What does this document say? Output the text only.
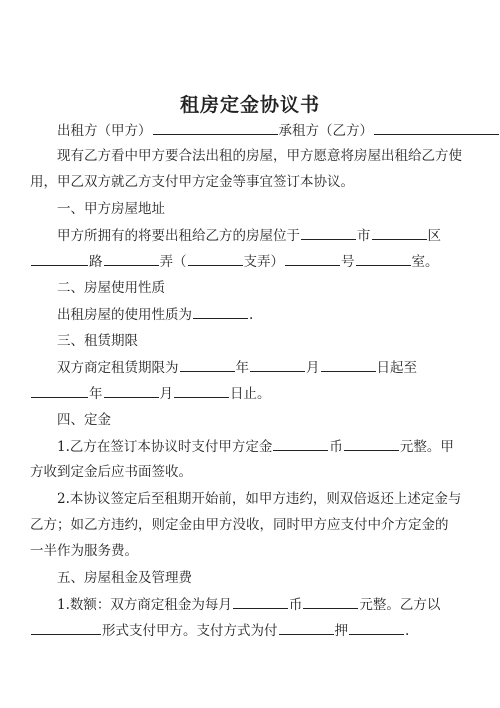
租房定金协议书
出租方（甲方）	承租方（乙方）
现有乙方看中甲方要合法出租的房屋，甲方愿意将房屋出租给乙方使
用，甲乙双方就乙方支付甲方定金等事宜签订本协议。
一、甲方房屋地址
甲方所拥有的将要出租给乙方的房屋位于	市	区
路	弄（	支弄）	号	室。
二、房屋使用性质
出租房屋的使用性质为	.
三、租赁期限
双方商定租赁期限为	年	月	日起至
年	月	日止。
四、定金
1.乙方在签订本协议时支付甲方定金	币	元整。甲
方收到定金后应书面签收。
2.本协议签定后至租期开始前，如甲方违约，则双倍返还上述定金与
乙方；如乙方违约，则定金由甲方没收，同时甲方应支付中介方定金的
一半作为服务费。
五、房屋租金及管理费
1.数额：双方商定租金为每月	币	元整。乙方以
形式支付甲方。支付方式为付	押	.
